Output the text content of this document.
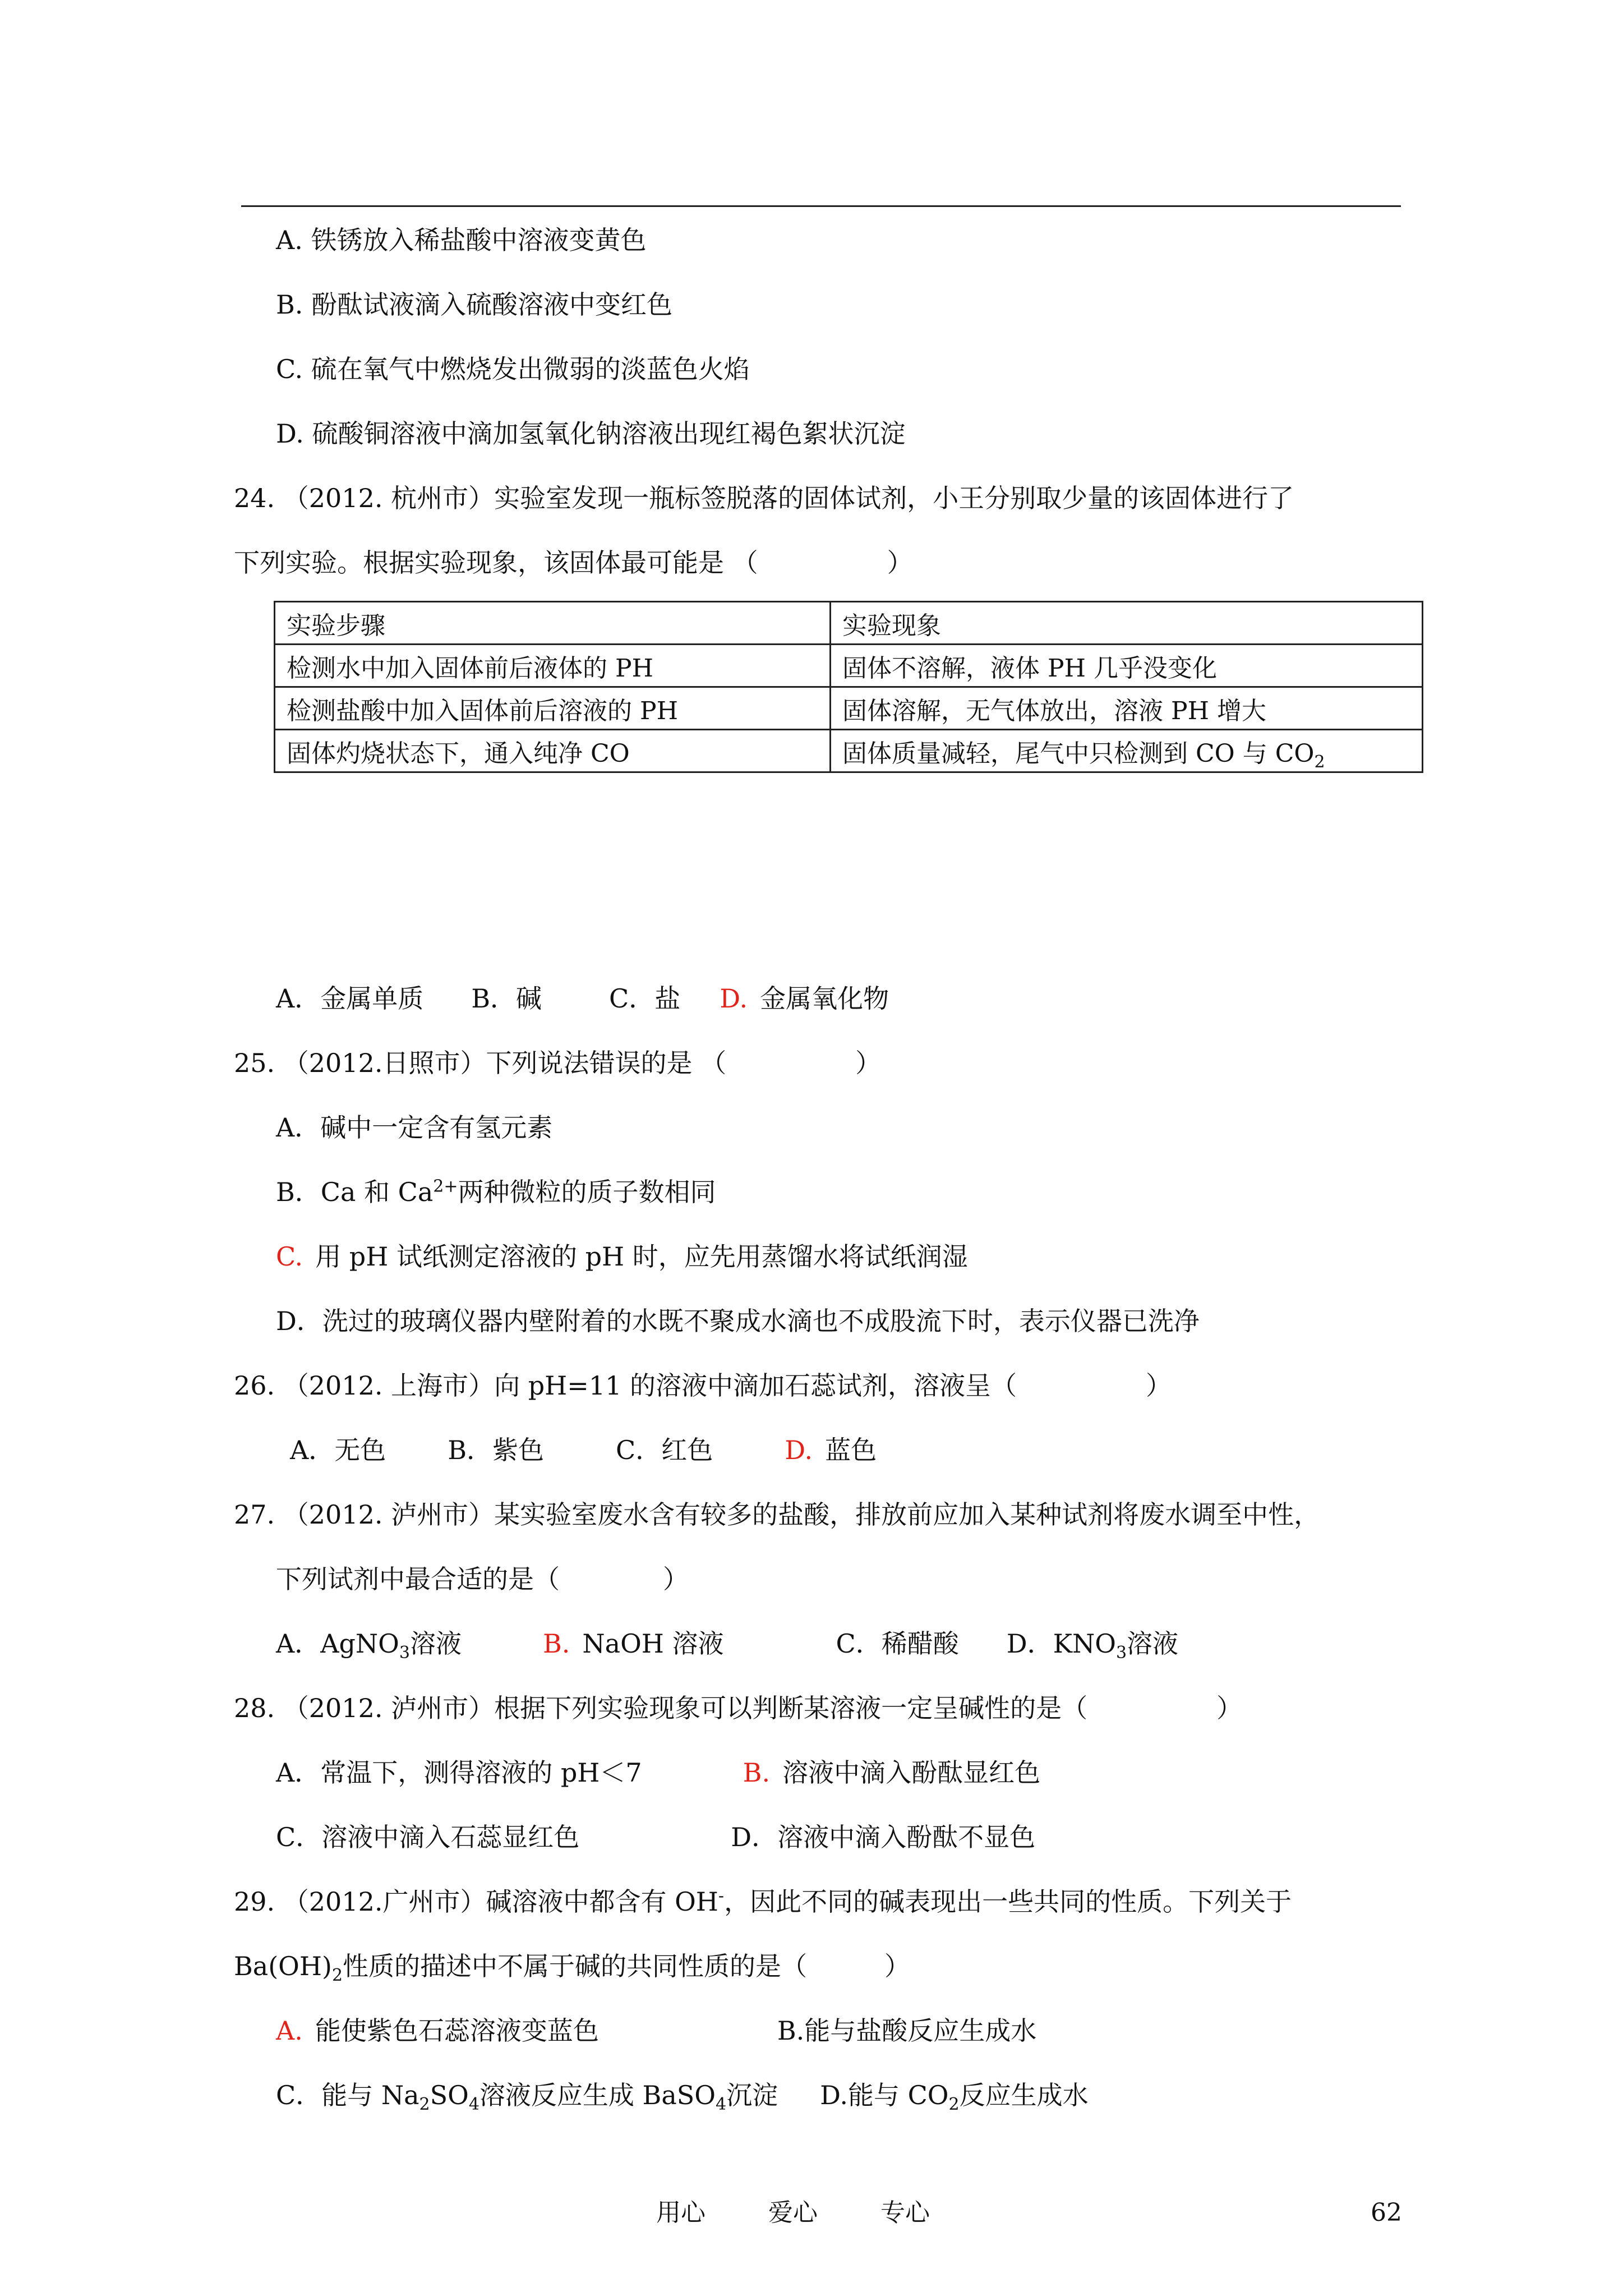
A. 铁锈放入稀盐酸中溶液变黄色
B. 酚酞试液滴入硫酸溶液中变红色
C. 硫在氧气中燃烧发出微弱的淡蓝色火焰
D. 硫酸铜溶液中滴加氢氧化钠溶液出现红褐色絮状沉淀
24. （2012. 杭州市）实验室发现一瓶标签脱落的固体试剂，小王分别取少量的该固体进行了
下列实验。根据实验现象，该固体最可能是 （　　　　　）
实验步骤	实验现象
检测水中加入固体前后液体的 PH	固体不溶解，液体 PH 几乎没变化
检测盐酸中加入固体前后溶液的 PH	固体溶解，无气体放出，溶液 PH 增大
固体灼烧状态下，通入纯净 CO	固体质量减轻，尾气中只检测到 CO 与 $CO_2$
A．金属单质 B．碱	C．盐 D. 金属氧化物
25. （2012.日照市）下列说法错误的是 （　　　　　）
A．碱中一定含有氢元素
B．Ca 和 $Ca^{2+}$两种微粒的质子数相同
C. 用 pH 试纸测定溶液的 pH 时，应先用蒸馏水将试纸润湿
D．洗过的玻璃仪器内壁附着的水既不聚成水滴也不成股流下时，表示仪器已洗净
26. （2012. 上海市）向 pH=11 的溶液中滴加石蕊试剂，溶液呈（　　　　　）
A．无色 B．紫色	C．红色	D. 蓝色
27. （2012. 泸州市）某实验室废水含有较多的盐酸，排放前应加入某种试剂将废水调至中性，
下列试剂中最合适的是（　　　　）
A．AgNO$_3$溶液	B. NaOH 溶液	C．稀醋酸 D．$KNO_3$溶液
28. （2012. 泸州市）根据下列实验现象可以判断某溶液一定呈碱性的是（　　　　　）
A．常温下，测得溶液的 pH＜7	B. 溶液中滴入酚酞显红色
C．溶液中滴入石蕊显红色	D．溶液中滴入酚酞不显色
29. （2012.广州市）碱溶液中都含有 OH-，因此不同的碱表现出一些共同的性质。下列关于
$Ba(OH)_2$性质的描述中不属于碱的共同性质的是（　　　）
A. 能使紫色石蕊溶液变蓝色	B.能与盐酸反应生成水
C．能与 $Na_2SO_4$溶液反应生成 BaSO$_4$沉淀 D.能与 $CO_2$反应生成水
用心	爱心	专心	62
